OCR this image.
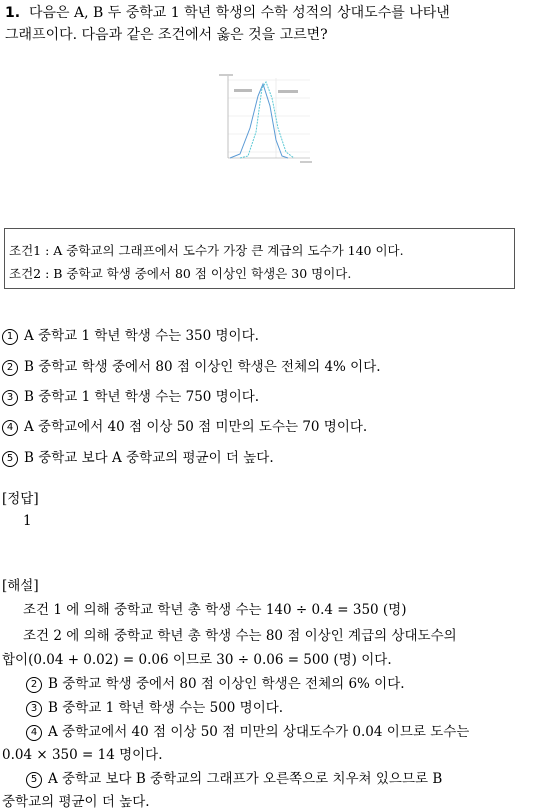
1. 다음은 A, B 두 중학교 1 학년 학생의 수학 성적의 상대도수를 나타낸
그래프이다. 다음과 같은 조건에서 옳은 것을 고르면?
조건1 : A 중학교의 그래프에서 도수가 가장 큰 계급의 도수가 140 이다.
조건2 : B 중학교 학생 중에서 80 점 이상인 학생은 30 명이다.
1 A 중학교 1 학년 학생 수는 350 명이다.
2 B 중학교 학생 중에서 80 점 이상인 학생은 전체의 4% 이다.
3 B 중학교 1 학년 학생 수는 750 명이다.
4 A 중학교에서 40 점 이상 50 점 미만의 도수는 70 명이다.
5 B 중학교 보다 A 중학교의 평균이 더 높다.
[정답]
1
[해설]
조건 1 에 의해 중학교 학년 총 학생 수는 140 ÷ 0.4 = 350 (명)
조건 2 에 의해 중학교 학년 총 학생 수는 80 점 이상인 계급의 상대도수의
합이(0.04 + 0.02) = 0.06 이므로 30 ÷ 0.06 = 500 (명) 이다.
2 B 중학교 학생 중에서 80 점 이상인 학생은 전체의 6% 이다.
3 B 중학교 1 학년 학생 수는 500 명이다.
4 A 중학교에서 40 점 이상 50 점 미만의 상대도수가 0.04 이므로 도수는
0.04 × 350 = 14 명이다.
5 A 중학교 보다 B 중학교의 그래프가 오른쪽으로 치우쳐 있으므로 B
중학교의 평균이 더 높다.
